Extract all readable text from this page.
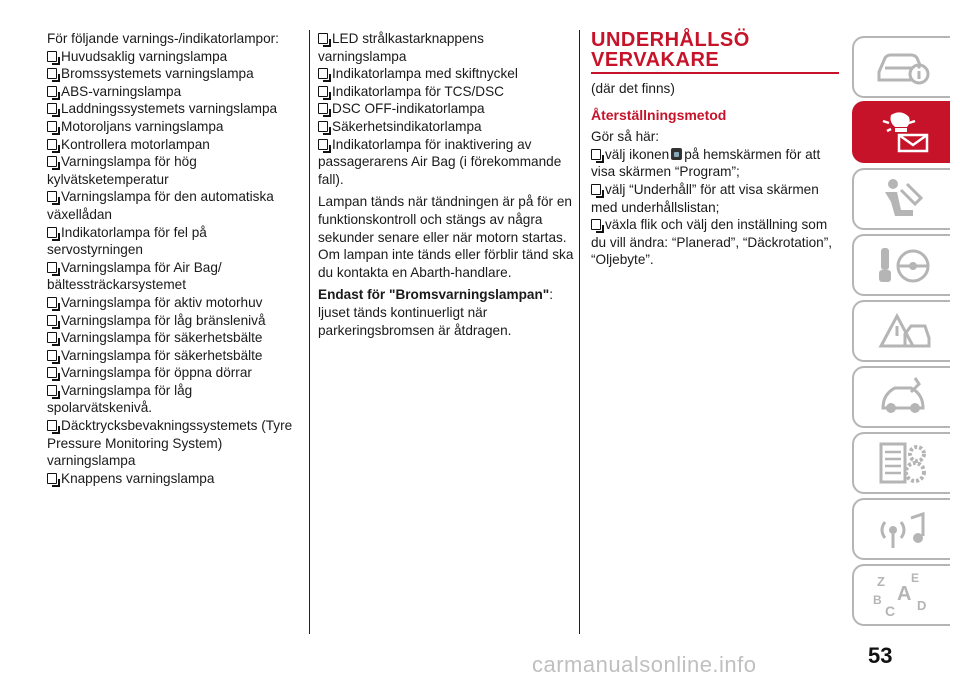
För följande varnings-/indikatorlampor:
Huvudsaklig varningslampa
Bromssystemets varningslampa
ABS-varningslampa
Laddningssystemets varningslampa
Motoroljans varningslampa
Kontrollera motorlampan
Varningslampa för hög kylvätsketemperatur
Varningslampa för den automatiska växellådan
Indikatorlampa för fel på servostyrningen
Varningslampa för Air Bag/ bältessträckarsystemet
Varningslampa för aktiv motorhuv
Varningslampa för låg bränslenivå
Varningslampa för säkerhetsbälte
Varningslampa för säkerhetsbälte
Varningslampa för öppna dörrar
Varningslampa för låg spolarvätskenivå.
Däcktrycksbevakningssystemets (Tyre Pressure Monitoring System) varningslampa
Knappens varningslampa
LED strålkastarknappens varningslampa
Indikatorlampa med skiftnyckel
Indikatorlampa för TCS/DSC
DSC OFF-indikatorlampa
Säkerhetsindikatorlampa
Indikatorlampa för inaktivering av passagerarens Air Bag (i förekommande fall).

Lampan tänds när tändningen är på för en funktionskontroll och stängs av några sekunder senare eller när motorn startas. Om lampan inte tänds eller förblir tänd ska du kontakta en Abarth-handlare.

Endast för "Bromsvarningslampan": ljuset tänds kontinuerligt när parkeringsbromsen är åtdragen.

UNDERHÅLLSÖ
VERVAKARE
(där det finns)
Återställningsmetod
Gör så här:
välj ikonen på hemskärmen för att visa skärmen “Program”;
välj “Underhåll” för att visa skärmen med underhållslistan;
växla flik och välj den inställning som du vill ändra: “Planerad”, “Däckrotation”, “Oljebyte”.
Z E
A
B
C D
53
carmanualsonline.info
